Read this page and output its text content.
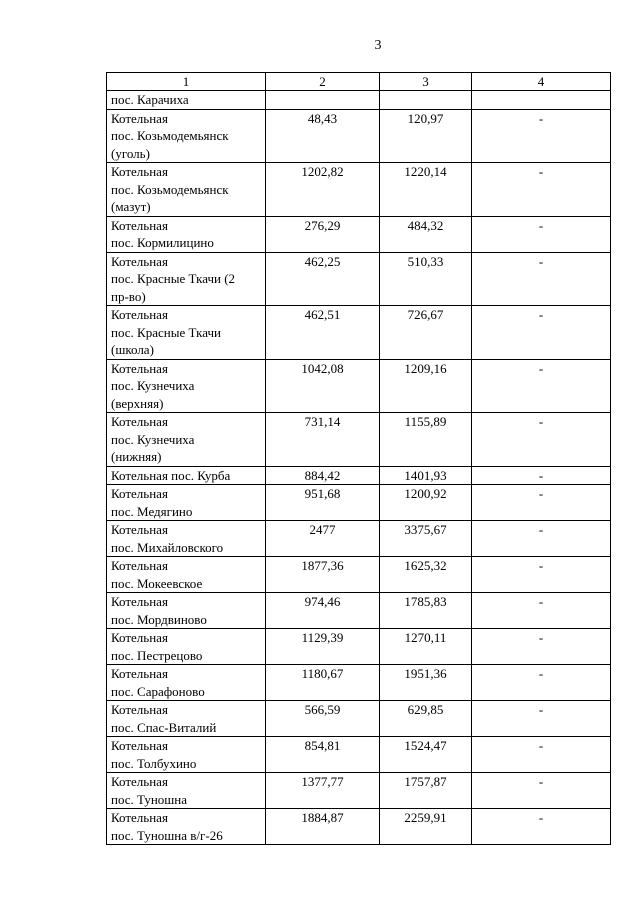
3
1	2	3	4

пос. Карачиха			

Котельная
пос. Козьмодемьянск
(уголь)	48,43	120,97	-

Котельная
пос. Козьмодемьянск
(мазут)	1202,82	1220,14	-

Котельная
пос. Кормилицино	276,29	484,32	-

Котельная
пос. Красные Ткачи (2
пр-во)	462,25	510,33	-

Котельная
пос. Красные Ткачи
(школа)	462,51	726,67	-

Котельная
пос. Кузнечиха
(верхняя)	1042,08	1209,16	-

Котельная
пос. Кузнечиха
(нижняя)	731,14	1155,89	-

Котельная пос. Курба	884,42	1401,93	-

Котельная
пос. Медягино	951,68	1200,92	-

Котельная
пос. Михайловского	2477	3375,67	-

Котельная
пос. Мокеевское	1877,36	1625,32	-

Котельная
пос. Мордвиново	974,46	1785,83	-

Котельная
пос. Пестрецово	1129,39	1270,11	-

Котельная
пос. Сарафоново	1180,67	1951,36	-

Котельная
пос. Спас-Виталий	566,59	629,85	-

Котельная
пос. Толбухино	854,81	1524,47	-

Котельная
пос. Туношна	1377,77	1757,87	-

Котельная
пос. Туношна в/г-26	1884,87	2259,91	-
